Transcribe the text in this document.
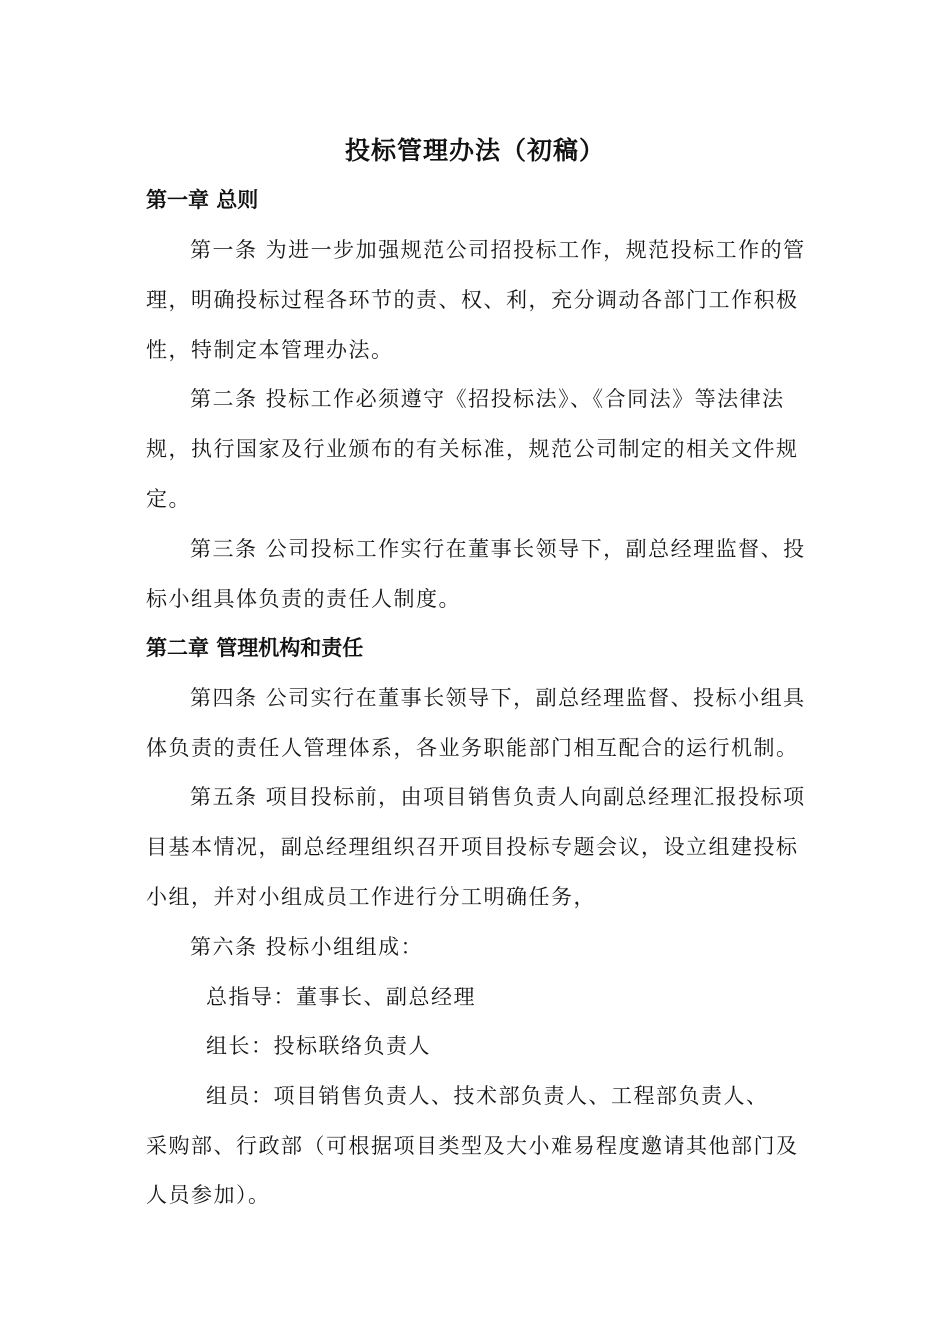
投标管理办法（初稿）
第一章 总则
第一条 为进一步加强规范公司招投标工作，规范投标工作的管
理，明确投标过程各环节的责、权、利，充分调动各部门工作积极
性，特制定本管理办法。
第二条 投标工作必须遵守《招投标法》、《合同法》等法律法
规，执行国家及行业颁布的有关标准，规范公司制定的相关文件规
定。
第三条 公司投标工作实行在董事长领导下，副总经理监督、投
标小组具体负责的责任人制度。
第二章 管理机构和责任
第四条 公司实行在董事长领导下，副总经理监督、投标小组具
体负责的责任人管理体系，各业务职能部门相互配合的运行机制。
第五条 项目投标前，由项目销售负责人向副总经理汇报投标项
目基本情况，副总经理组织召开项目投标专题会议，设立组建投标
小组，并对小组成员工作进行分工明确任务，
第六条 投标小组组成：
总指导：董事长、副总经理
组长：投标联络负责人
组员：项目销售负责人、技术部负责人、工程部负责人、
采购部、行政部（可根据项目类型及大小难易程度邀请其他部门及
人员参加）。
